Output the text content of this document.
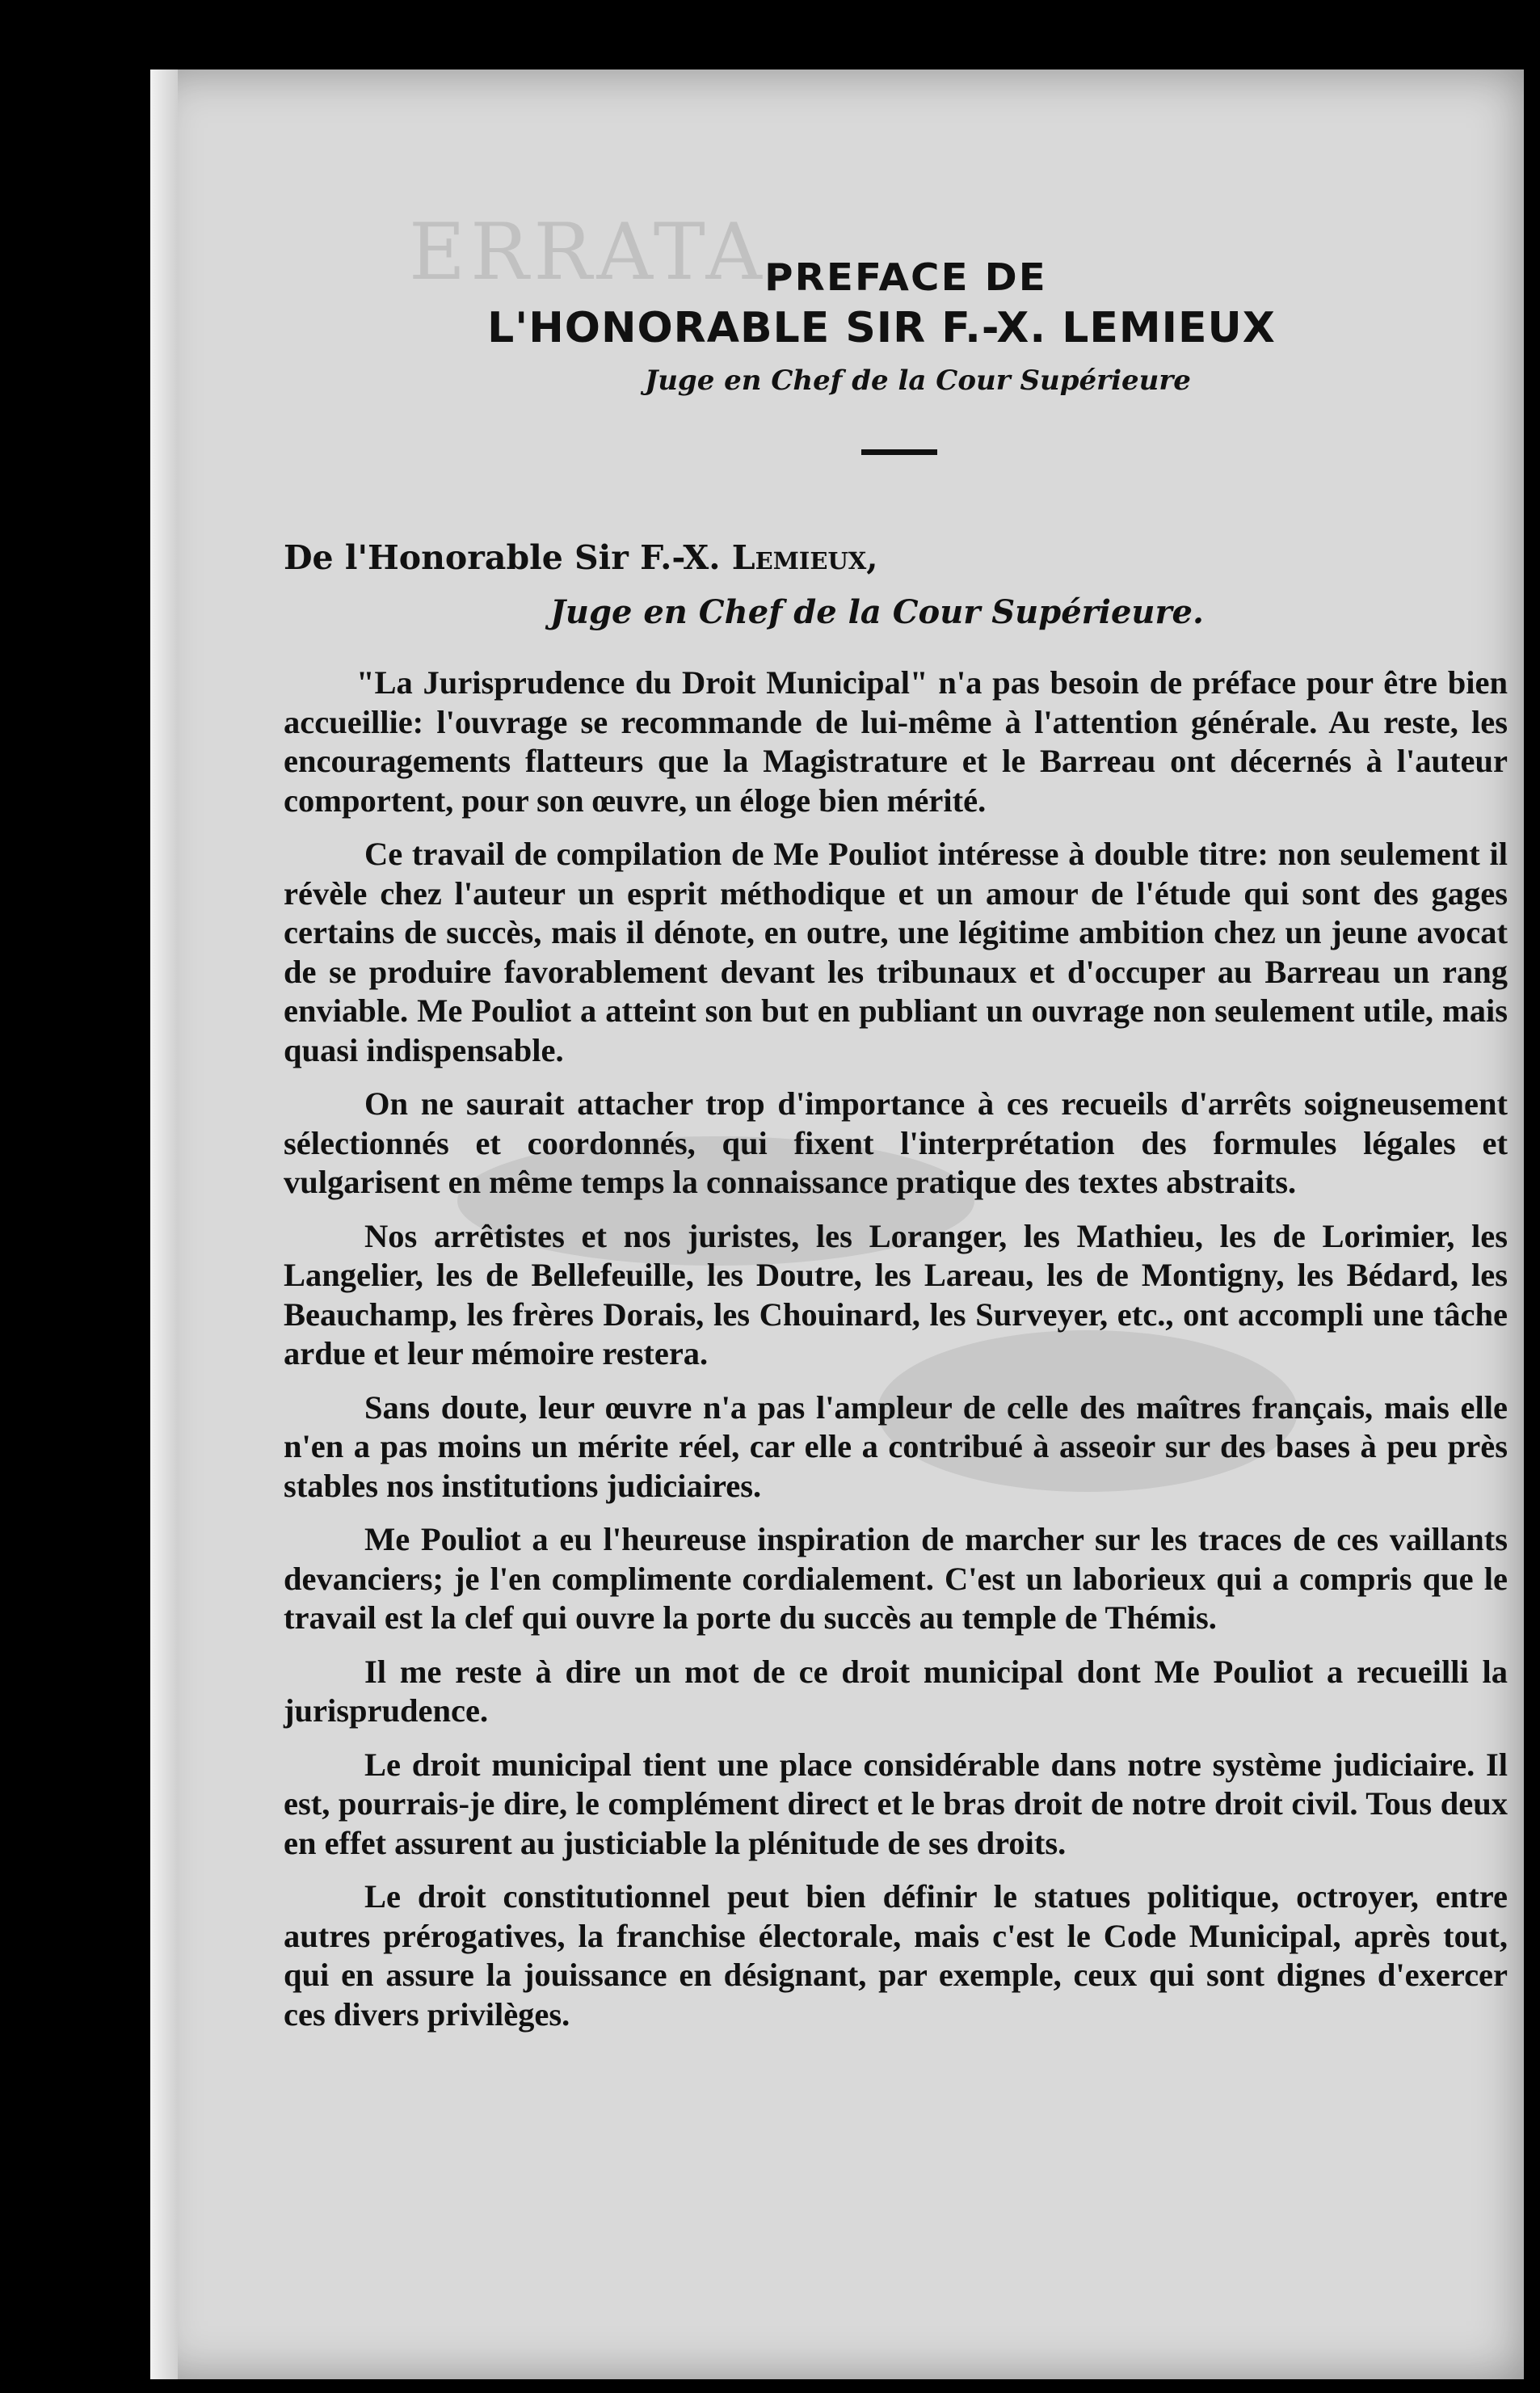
ERRATA.
PREFACE DE
L'HONORABLE SIR F.-X. LEMIEUX
Juge en Chef de la Cour Supérieure
De l'Honorable Sir F.-X. Lemieux,
Juge en Chef de la Cour Supérieure.

"La Jurisprudence du Droit Municipal" n'a pas besoin de préface pour être bien accueillie: l'ouvrage se recommande de lui-même à l'attention générale. Au reste, les encouragements flatteurs que la Magistrature et le Barreau ont décernés à l'auteur comportent, pour son œuvre, un éloge bien mérité.

Ce travail de compilation de Me Pouliot intéresse à double titre: non seulement il révèle chez l'auteur un esprit méthodique et un amour de l'étude qui sont des gages certains de succès, mais il dénote, en outre, une légitime ambition chez un jeune avocat de se produire favorablement devant les tribunaux et d'occuper au Barreau un rang enviable. Me Pouliot a atteint son but en publiant un ouvrage non seulement utile, mais quasi indispensable.

On ne saurait attacher trop d'importance à ces recueils d'arrêts soigneusement sélectionnés et coordonnés, qui fixent l'interprétation des formules légales et vulgarisent en même temps la connaissance pratique des textes abstraits.

Nos arrêtistes et nos juristes, les Loranger, les Mathieu, les de Lorimier, les Langelier, les de Bellefeuille, les Doutre, les Lareau, les de Montigny, les Bédard, les Beauchamp, les frères Dorais, les Chouinard, les Surveyer, etc., ont accompli une tâche ardue et leur mémoire restera.

Sans doute, leur œuvre n'a pas l'ampleur de celle des maîtres français, mais elle n'en a pas moins un mérite réel, car elle a contribué à asseoir sur des bases à peu près stables nos institutions judiciaires.

Me Pouliot a eu l'heureuse inspiration de marcher sur les traces de ces vaillants devanciers; je l'en complimente cordialement. C'est un laborieux qui a compris que le travail est la clef qui ouvre la porte du succès au temple de Thémis.

Il me reste à dire un mot de ce droit municipal dont Me Pouliot a recueilli la jurisprudence.

Le droit municipal tient une place considérable dans notre système judiciaire. Il est, pourrais-je dire, le complément direct et le bras droit de notre droit civil. Tous deux en effet assurent au justiciable la plénitude de ses droits.

Le droit constitutionnel peut bien définir le statues politique, octroyer, entre autres prérogatives, la franchise électorale, mais c'est le Code Municipal, après tout, qui en assure la jouissance en désignant, par exemple, ceux qui sont dignes d'exercer ces divers privilèges.
